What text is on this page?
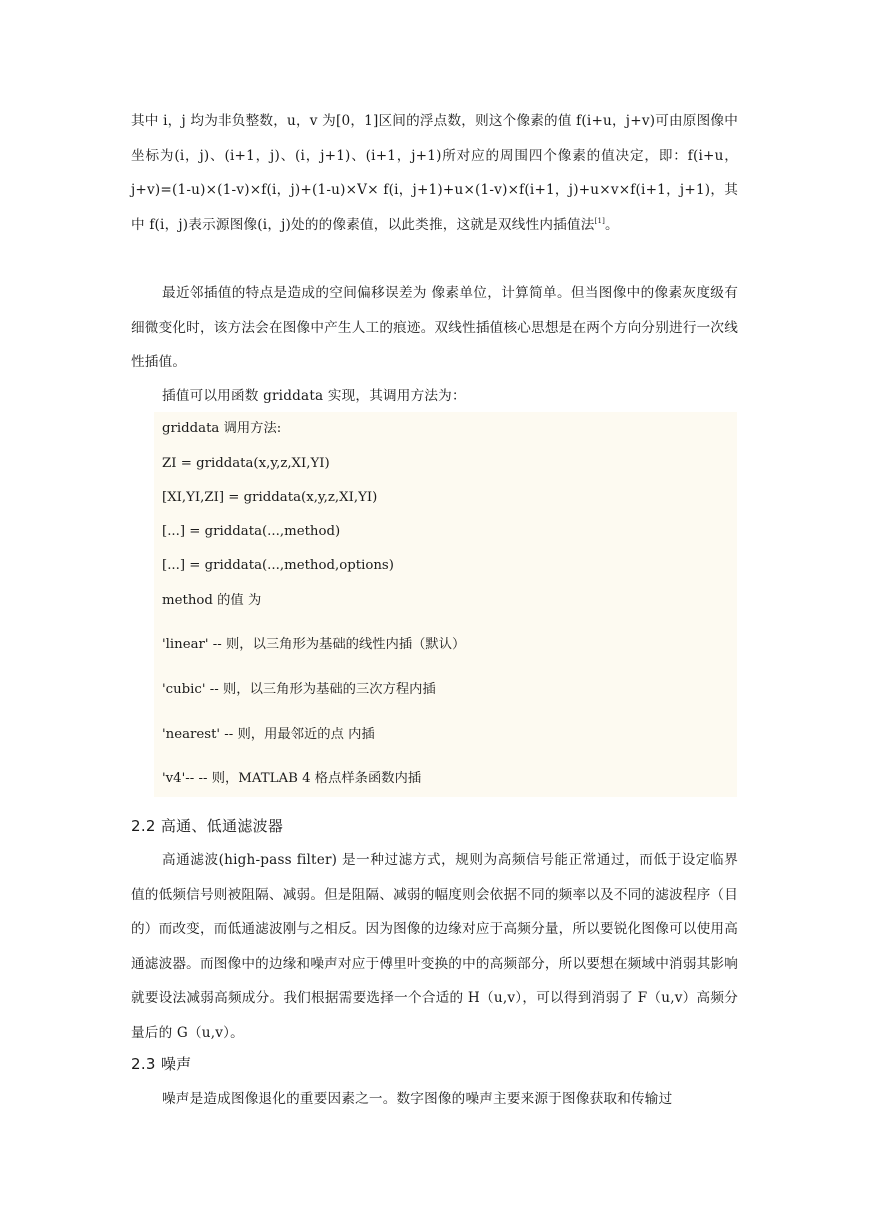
其中 i，j 均为非负整数，u，v 为[0，1]区间的浮点数，则这个像素的值 f(i+u，j+v)可由原图像中坐标为(i，j)、(i+1，j)、(i，j+1)、(i+1，j+1)所对应的周围四个像素的值决定，即：f(i+u，j+v)=(1-u)×(1-v)×f(i，j)+(1-u)×V× f(i，j+1)+u×(1-v)×f(i+1，j)+u×v×f(i+1，j+1)，其中 f(i，j)表示源图像(i，j)处的的像素值，以此类推，这就是双线性内插值法[1]。

最近邻插值的特点是造成的空间偏移误差为 像素单位，计算简单。但当图像中的像素灰度级有细微变化时，该方法会在图像中产生人工的痕迹。双线性插值核心思想是在两个方向分别进行一次线性插值。

插值可以用函数 griddata 实现，其调用方法为：

griddata 调用方法:
ZI = griddata(x,y,z,XI,YI)
[XI,YI,ZI] = griddata(x,y,z,XI,YI)
[...] = griddata(...,method)
[...] = griddata(...,method,options)
method 的值 为
'linear' -- 则，以三角形为基础的线性内插（默认）
'cubic' -- 则，以三角形为基础的三次方程内插
'nearest' -- 则，用最邻近的点 内插
'v4'-- -- 则，MATLAB 4 格点样条函数内插
2.2 高通、低通滤波器

高通滤波(high-pass filter) 是一种过滤方式，规则为高频信号能正常通过，而低于设定临界值的低频信号则被阻隔、减弱。但是阻隔、减弱的幅度则会依据不同的频率以及不同的滤波程序（目的）而改变，而低通滤波刚与之相反。因为图像的边缘对应于高频分量，所以要锐化图像可以使用高通滤波器。而图像中的边缘和噪声对应于傅里叶变换的中的高频部分，所以要想在频域中消弱其影响就要设法减弱高频成分。我们根据需要选择一个合适的 H（u,v），可以得到消弱了 F（u,v）高频分量后的 G（u,v）。

2.3 噪声

噪声是造成图像退化的重要因素之一。数字图像的噪声主要来源于图像获取和传输过
